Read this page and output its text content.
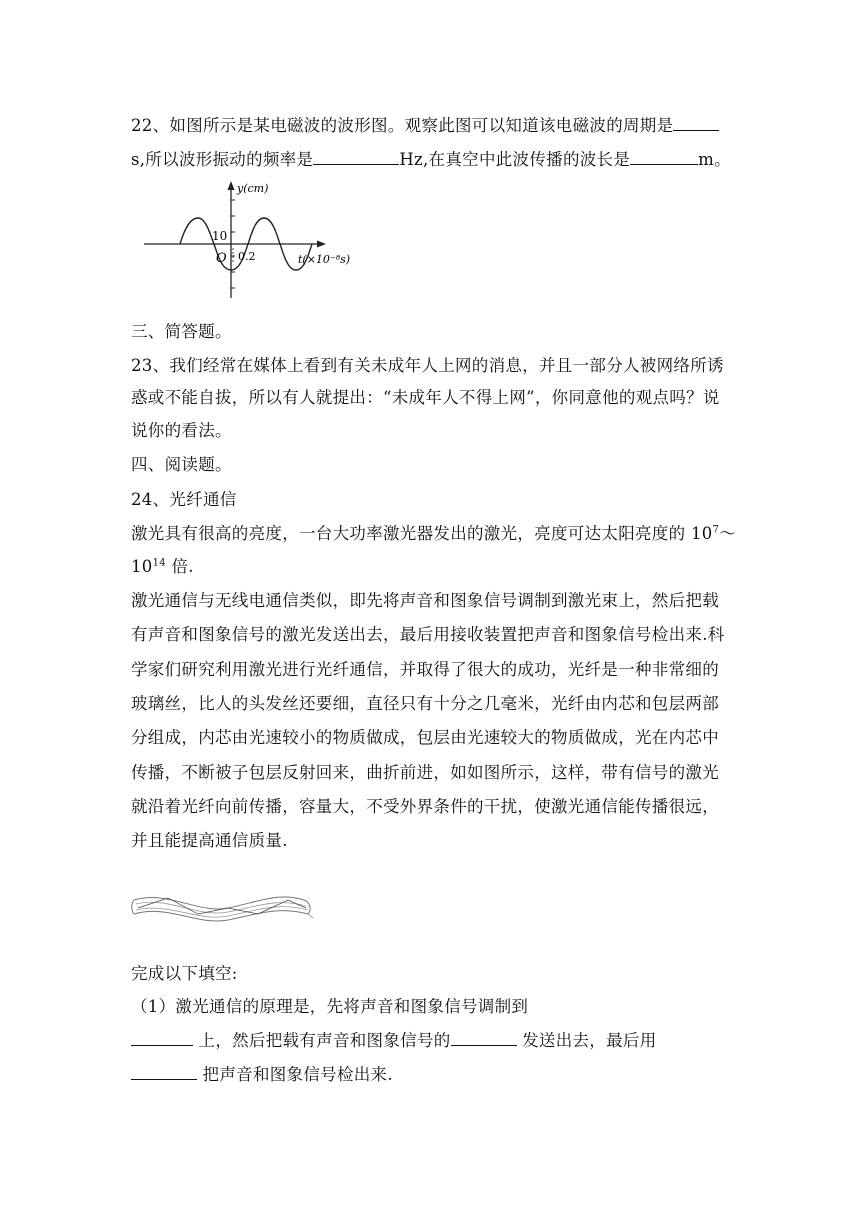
22、如图所示是某电磁波的波形图。观察此图可以知道该电磁波的周期是
s,所以波形振动的频率是	Hz,在真空中此波传播的波长是	m。
y(cm)
10
O 0.2	t(×10⁻⁸s)
三、简答题。
23、我们经常在媒体上看到有关未成年人上网的消息，并且一部分人被网络所诱
惑或不能自拔，所以有人就提出：“未成年人不得上网”，你同意他的观点吗？说
说你的看法。
四、阅读题。
24、光纤通信
激光具有很高的亮度，一台大功率激光器发出的激光，亮度可达太阳亮度的 $10^7\sim$
$10^{14}$ 倍.
激光通信与无线电通信类似，即先将声音和图象信号调制到激光束上，然后把载
有声音和图象信号的激光发送出去，最后用接收装置把声音和图象信号检出来.科
学家们研究利用激光进行光纤通信，并取得了很大的成功，光纤是一种非常细的
玻璃丝，比人的头发丝还要细，直径只有十分之几毫米，光纤由内芯和包层两部
分组成，内芯由光速较小的物质做成，包层由光速较大的物质做成，光在内芯中
传播，不断被子包层反射回来，曲折前进，如如图所示，这样，带有信号的激光
就沿着光纤向前传播，容量大，不受外界条件的干扰，使激光通信能传播很远，
并且能提高通信质量.
完成以下填空:
（1）激光通信的原理是，先将声音和图象信号调制到
上，然后把载有声音和图象信号的	发送出去，最后用
把声音和图象信号检出来.
